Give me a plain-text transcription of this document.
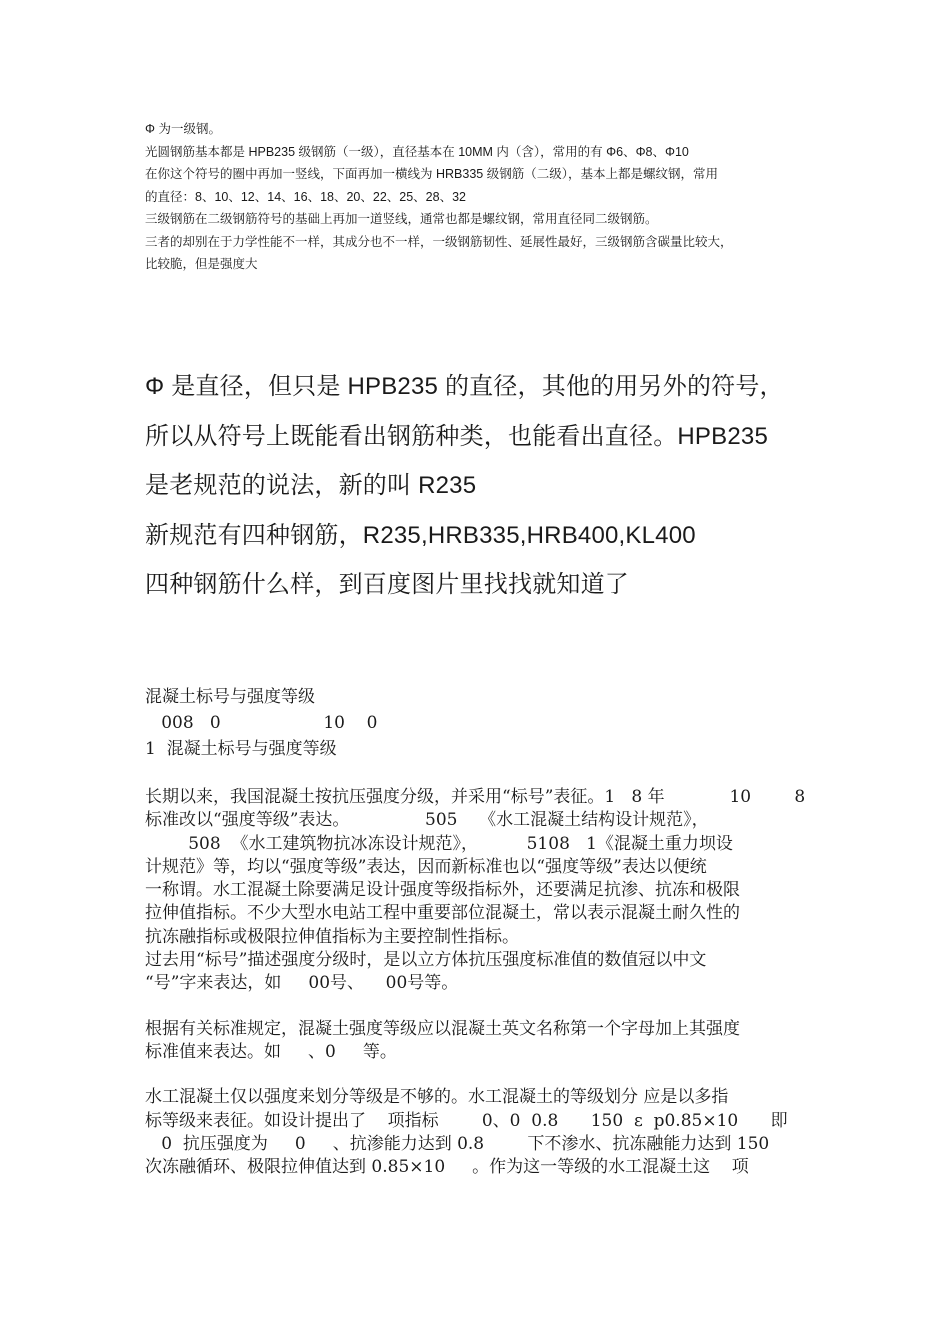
Φ 为一级钢。

光圆钢筋基本都是 HPB235 级钢筋（一级），直径基本在 10MM 内（含），常用的有 Φ6、Φ8、Φ10

在你这个符号的圈中再加一竖线，下面再加一横线为 HRB335 级钢筋（二级），基本上都是螺纹钢，常用

的直径：8、10、12、14、16、18、20、22、25、28、32

三级钢筋在二级钢筋符号的基础上再加一道竖线，通常也都是螺纹钢，常用直径同二级钢筋。

三者的却别在于力学性能不一样，其成分也不一样，一级钢筋韧性、延展性最好，三级钢筋含碳量比较大，

比较脆，但是强度大

Φ 是直径，但只是 HPB235 的直径，其他的用另外的符号，

所以从符号上既能看出钢筋种类，也能看出直径。HPB235

是老规范的说法，新的叫 R235

新规范有四种钢筋，R235,HRB335,HRB400,KL400

四种钢筋什么样，到百度图片里找找就知道了

混凝土标号与强度等级

008   0                   10    0

1  混凝土标号与强度等级

长期以来，我国混凝土按抗压强度分级，并采用“标号”表征。1   8 年            10        8

标准改以“强度等级”表达。              505    《水工混凝土结构设计规范》，

508  《水工建筑物抗冰冻设计规范》，         5108   1《混凝土重力坝设

计规范》等，均以“强度等级”表达，因而新标准也以“强度等级”表达以便统

一称谓。水工混凝土除要满足设计强度等级指标外，还要满足抗渗、抗冻和极限

拉伸值指标。不少大型水电站工程中重要部位混凝土，常以表示混凝土耐久性的

抗冻融指标或极限拉伸值指标为主要控制性指标。

过去用“标号”描述强度分级时，是以立方体抗压强度标准值的数值冠以中文

“号”字来表达，如     00号、    00号等。

根据有关标准规定，混凝土强度等级应以混凝土英文名称第一个字母加上其强度

标准值来表达。如     、0     等。

水工混凝土仅以强度来划分等级是不够的。水工混凝土的等级划分 应是以多指

标等级来表征。如设计提出了    项指标        0、0  0.8      150  ε  p0.85×10      即

0  抗压强度为     0     、抗渗能力达到 0.8        下不渗水、抗冻融能力达到 150

次冻融循环、极限拉伸值达到 0.85×10     。作为这一等级的水工混凝土这    项
